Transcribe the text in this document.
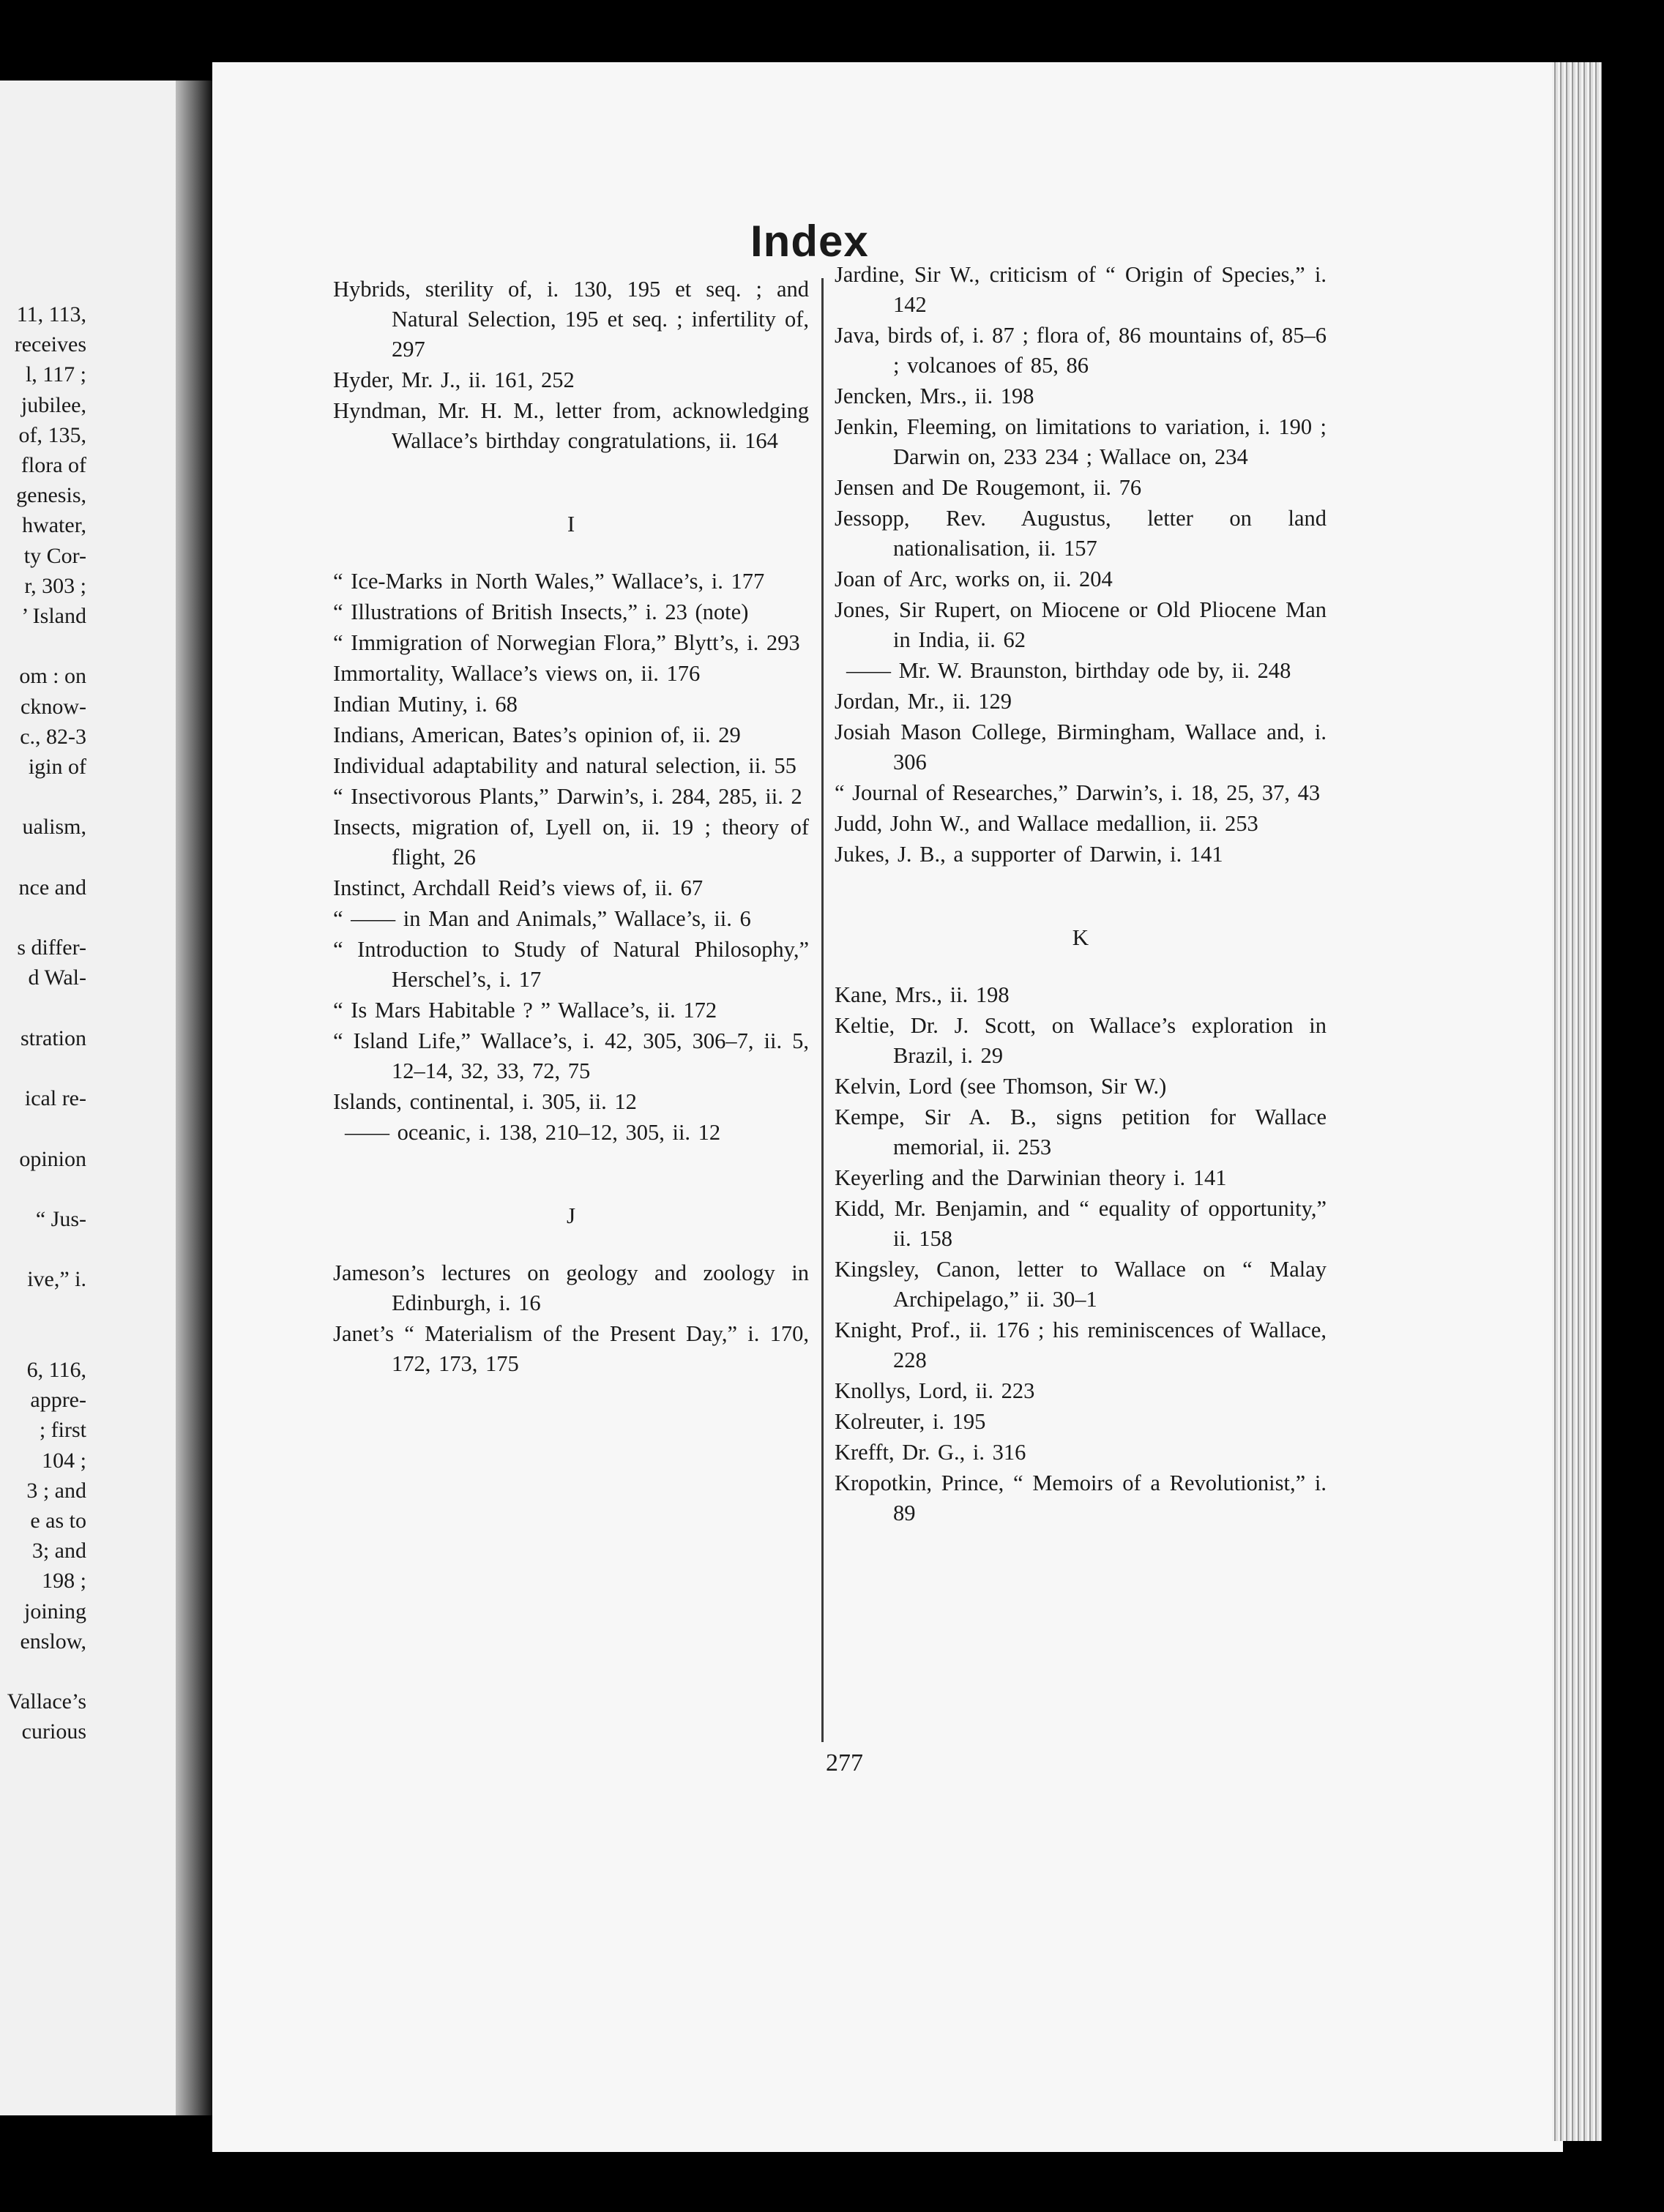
11, 113,
receives
l, 117 ;
jubilee,
of, 135,
flora of
genesis,
hwater,
ty Cor-
r, 303 ;
’ Island
om : on
cknow-
c., 82-3
igin of
ualism,
nce and
s differ-
d Wal-
stration
ical re-
opinion
“ Jus-
ive,” i.
6, 116,
appre-
; first
104 ;
3 ; and
e as to
3; and
198 ;
joining
enslow,
Vallace’s
curious
Index
Hybrids, sterility of, i. 130, 195 et seq. ; and Natural Selection, 195 et seq. ; infertility of, 297
Hyder, Mr. J., ii. 161, 252
Hyndman, Mr. H. M., letter from, acknowledging Wallace’s birthday congratulations, ii. 164
I
“ Ice-Marks in North Wales,” Wallace’s, i. 177
“ Illustrations of British Insects,” i. 23 (note)
“ Immigration of Norwegian Flora,” Blytt’s, i. 293
Immortality, Wallace’s views on, ii. 176
Indian Mutiny, i. 68
Indians, American, Bates’s opinion of, ii. 29
Individual adaptability and natural selection, ii. 55
“ Insectivorous Plants,” Darwin’s, i. 284, 285, ii. 2
Insects, migration of, Lyell on, ii. 19 ; theory of flight, 26
Instinct, Archdall Reid’s views of, ii. 67
“ —— in Man and Animals,” Wallace’s, ii. 6
“ Introduction to Study of Natural Philosophy,” Herschel’s, i. 17
“ Is Mars Habitable ? ” Wallace’s, ii. 172
“ Island Life,” Wallace’s, i. 42, 305, 306–7, ii. 5, 12–14, 32, 33, 72, 75
Islands, continental, i. 305, ii. 12
—— oceanic, i. 138, 210–12, 305, ii. 12
J
Jameson’s lectures on geology and zoology in Edinburgh, i. 16
Janet’s “ Materialism of the Present Day,” i. 170, 172, 173, 175
Jardine, Sir W., criticism of “ Origin of Species,” i. 142
Java, birds of, i. 87 ; flora of, 86 mountains of, 85–6 ; volcanoes of 85, 86
Jencken, Mrs., ii. 198
Jenkin, Fleeming, on limitations to variation, i. 190 ; Darwin on, 233 234 ; Wallace on, 234
Jensen and De Rougemont, ii. 76
Jessopp, Rev. Augustus, letter on land nationalisation, ii. 157
Joan of Arc, works on, ii. 204
Jones, Sir Rupert, on Miocene or Old Pliocene Man in India, ii. 62
—— Mr. W. Braunston, birthday ode by, ii. 248
Jordan, Mr., ii. 129
Josiah Mason College, Birmingham, Wallace and, i. 306
“ Journal of Researches,” Darwin’s, i. 18, 25, 37, 43
Judd, John W., and Wallace medallion, ii. 253
Jukes, J. B., a supporter of Darwin, i. 141
K
Kane, Mrs., ii. 198
Keltie, Dr. J. Scott, on Wallace’s exploration in Brazil, i. 29
Kelvin, Lord (see Thomson, Sir W.)
Kempe, Sir A. B., signs petition for Wallace memorial, ii. 253
Keyerling and the Darwinian theory i. 141
Kidd, Mr. Benjamin, and “ equality of opportunity,” ii. 158
Kingsley, Canon, letter to Wallace on “ Malay Archipelago,” ii. 30–1
Knight, Prof., ii. 176 ; his reminiscences of Wallace, 228
Knollys, Lord, ii. 223
Kolreuter, i. 195
Krefft, Dr. G., i. 316
Kropotkin, Prince, “ Memoirs of a Revolutionist,” i. 89
277
